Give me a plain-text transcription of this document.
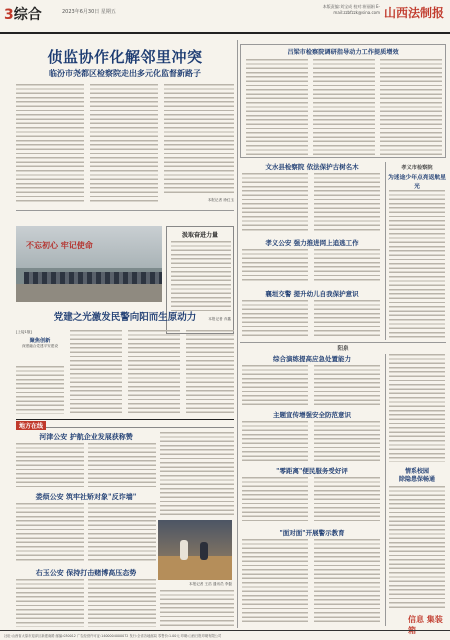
3综合	2023年6月30日 星期五
本版责编:刘宝成 校对:崔丽娟 E-mail:zzbfzzk@sina.com 山西法制报
侦监协作化解邻里冲突
临汾市尧都区检察院走出多元化监督新路子
本报记者 徐红玉
不忘初心 牢记使命
汲取奋进力量
本报记者 乔鑫
党建之光激发民警向阳而生原动力
[上接1版]
聚焦创新
深度融合党建平安建设
地方在线
河津公安 护航企业发展获称赞
娄烦公安 筑牢社矫对象"反诈墙"
右玉公安 保持打击赌博高压态势
本报记者 王浩 通讯员 李磊
吕梁市检察院调研指导动力工作提质增效
文水县检察院 依法保护古树名木
孝义公安 强力推进网上追逃工作
襄垣交警 提升幼儿自我保护意识
孝义市检察院
为迷途少年点亮返航星光
阳泉
综合演练提高应急处置能力
主题宣传增强安全防范意识
"零距离"便民服务受好评
"面对面"开展警示教育
情系校园
除隐患保畅通
信息 集装箱
社址:山西省太原市迎泽区新建南路 邮编:030012 广告经营许可证:1400004000072 发行:全省各地邮局 零售价:1.00元 印刷:山西日报印刷有限公司
